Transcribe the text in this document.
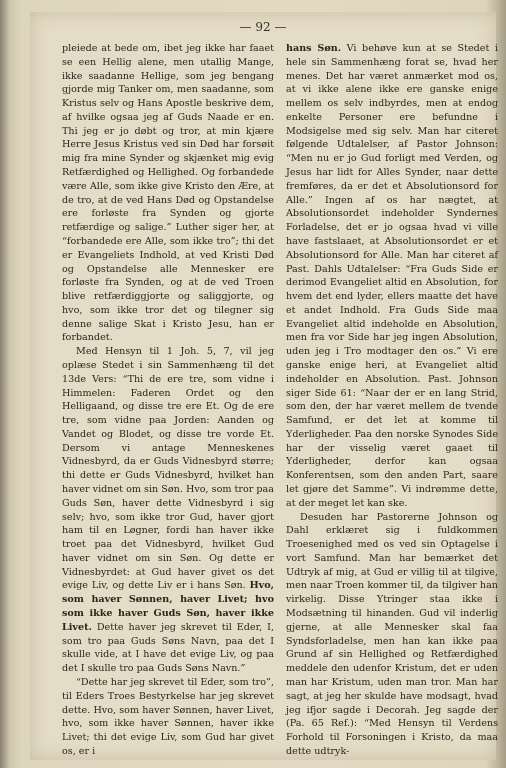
— 92 —
pleiede at bede om, ibet jeg ikke har faaet se een Hellig alene, men utallig Mange, ikke saadanne Hellige, som jeg bengang gjorde mig Tanker om, men saadanne, som Kristus selv og Hans Apostle beskrive dem, af hvilke ogsaa jeg af Guds Naade er en. Thi jeg er jo døbt og tror, at min kjære Herre Jesus Kristus ved sin Død har forsøit mig fra mine Synder og skjænket mig evig Retfærdighed og Hellighed. Og forbandede være Alle, som ikke give Kristo den Ære, at de tro, at de ved Hans Død og Opstandelse ere forløste fra Synden og gjorte retfærdige og salige.” Luther siger her, at “forbandede ere Alle, som ikke tro”; thi det er Evangeliets Indhold, at ved Kristi Død og Opstandelse alle Mennesker ere forløste fra Synden, og at de ved Troen blive retfærdiggjorte og saliggjorte, og hvo, som ikke tror det og tilegner sig denne salige Skat i Kristo Jesu, han er forbandet.
Med Hensyn til 1 Joh. 5, 7, vil jeg oplæse Stedet i sin Sammenhæng til det 13de Vers: “Thi de ere tre, som vidne i Himmelen: Faderen Ordet og den Helligaand, og disse tre ere Et. Og de ere tre, som vidne paa Jorden: Aanden og Vandet og Blodet, og disse tre vorde Et. Dersom vi antage Menneskenes Vidnesbyrd, da er Guds Vidnesbyrd større; thi dette er Guds Vidnesbyrd, hvilket han haver vidnet om sin Søn. Hvo, som tror paa Guds Søn, haver dette Vidnesbyrd i sig selv; hvo, som ikke tror Gud, haver gjort ham til en Løgner, fordi han haver ikke troet paa det Vidnesbyrd, hvilket Gud haver vidnet om sin Søn. Og dette er Vidnesbyrdet: at Gud haver givet os det evige Liv, og dette Liv er i hans Søn. Hvo, som haver Sønnen, haver Livet; hvo som ikke haver Guds Søn, haver ikke Livet. Dette haver jeg skrevet til Eder, I, som tro paa Guds Søns Navn, paa det I skulle vide, at I have det evige Liv, og paa det I skulle tro paa Guds Søns Navn.”
“Dette har jeg skrevet til Eder, som tro”, til Eders Troes Bestyrkelse har jeg skrevet dette. Hvo, som haver Sønnen, haver Livet, hvo, som ikke haver Sønnen, haver ikke Livet; thi det evige Liv, som Gud har givet os, er i
hans Søn. Vi behøve kun at se Stedet i hele sin Sammenhæng forat se, hvad her menes. Det har været anmærket mod os, at vi ikke alene ikke ere ganske enige mellem os selv indbyrdes, men at endog enkelte Personer ere befundne i Modsigelse med sig selv. Man har citeret følgende Udtalelser, af Pastor Johnson: “Men nu er jo Gud forligt med Verden, og Jesus har lidt for Alles Synder, naar dette fremføres, da er det et Absolutionsord for Alle.” Ingen af os har nægtet, at Absolutionsordet indeholder Syndernes Forladelse, det er jo ogsaa hvad vi ville have fastslaaet, at Absolutionsordet er et Absolutionsord for Alle. Man har citeret af Past. Dahls Udtalelser: “Fra Guds Side er derimod Evangeliet altid en Absolution, for hvem det end lyder, ellers maatte det have et andet Indhold. Fra Guds Side maa Evangeliet altid indeholde en Absolution, men fra vor Side har jeg ingen Absolution, uden jeg i Tro modtager den os.” Vi ere ganske enige heri, at Evangeliet altid indeholder en Absolution. Past. Johnson siger Side 61: “Naar der er en lang Strid, som den, der har været mellem de tvende Samfund, er det let at komme til Yderligheder. Paa den norske Synodes Side har der visselig været gaaet til Yderligheder, derfor kan ogsaa Konferentsen, som den anden Part, saare let gjøre det Samme”. Vi indrømme dette, at der meget let kan ske.
Desuden har Pastorerne Johnson og Dahl erklæret sig i fuldkommen Troesenighed med os ved sin Optagelse i vort Samfund. Man har bemærket det Udtryk af mig, at Gud er villig til at tilgive, men naar Troen kommer til, da tilgiver han virkelig. Disse Ytringer staa ikke i Modsætning til hinanden. Gud vil inderlig gjerne, at alle Mennesker skal faa Syndsforladelse, men han kan ikke paa Grund af sin Hellighed og Retfærdighed meddele den udenfor Kristum, det er uden man har Kristum, uden man tror. Man har sagt, at jeg her skulde have modsagt, hvad jeg ifjor sagde i Decorah. Jeg sagde der (Pa. 65 Ref.): “Med Hensyn til Verdens Forhold til Forsoningen i Kristo, da maa dette udtryk-
